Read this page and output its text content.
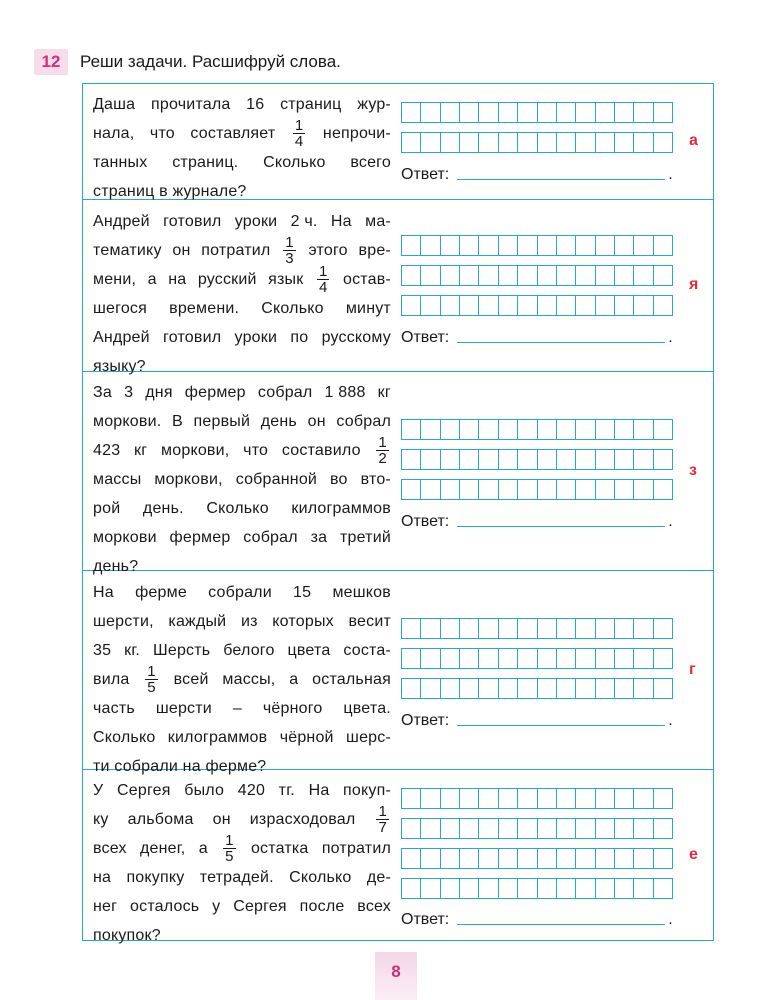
12	Реши задачи. Расшифруй слова.
Даша прочитала 16 страниц жур-
нала, что составляет $\frac{1}{4}$ непрочи-
танных страниц. Сколько всего
страниц в журнале?
Ответ:	.
а
Андрей готовил уроки 2 ч. На ма-
тематику он потратил $\frac{1}{3}$ этого вре-
мени, а на русский язык $\frac{1}{4}$ остав-
шегося времени. Сколько минут
Андрей готовил уроки по русскому
языку?
Ответ:	.
я
За 3 дня фермер собрал 1 888 кг
моркови. В первый день он собрал
423 кг моркови, что составило $\frac{1}{2}$
массы моркови, собранной во вто-
рой день. Сколько килограммов
моркови фермер собрал за третий
день?
Ответ:	.
з
На ферме собрали 15 мешков
шерсти, каждый из которых весит
35 кг. Шерсть белого цвета соста-
вила $\frac{1}{5}$ всей массы, а остальная
часть шерсти – чёрного цвета.
Сколько килограммов чёрной шерс-
ти собрали на ферме?
Ответ:	.
г
У Сергея было 420 тг. На покуп-
ку альбома он израсходовал $\frac{1}{7}$
всех денег, а $\frac{1}{5}$ остатка потратил
на покупку тетрадей. Сколько де-
нег осталось у Сергея после всех
покупок?
Ответ:	.
е
8
